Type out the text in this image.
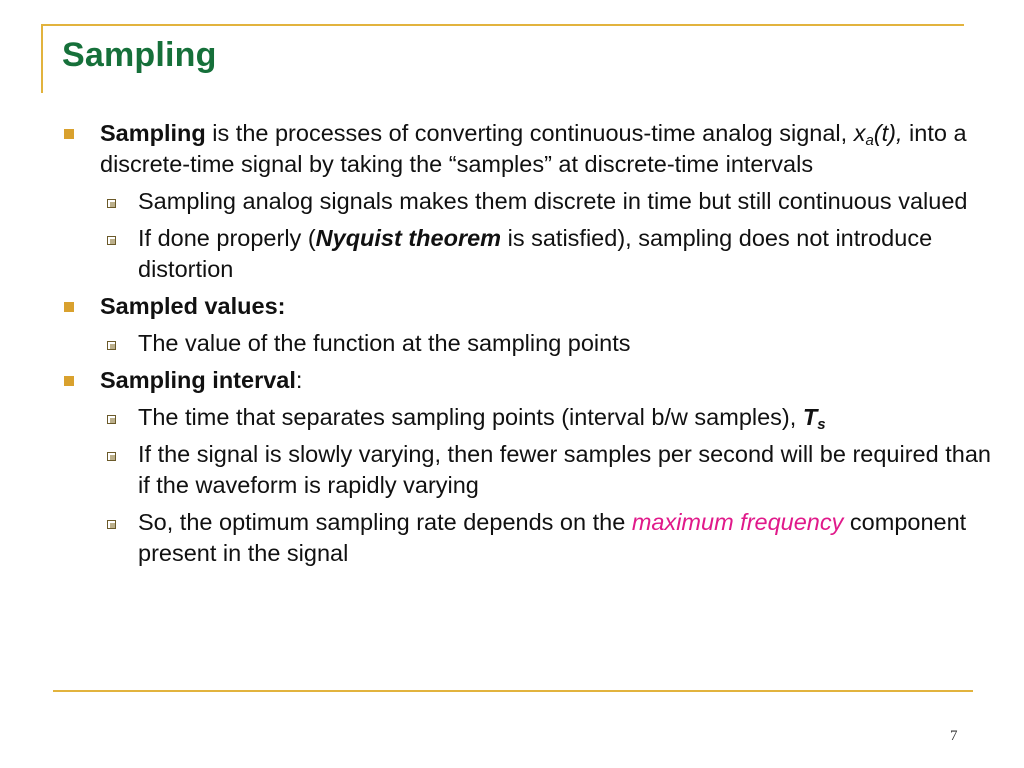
Sampling
Sampling is the processes of converting continuous-time analog signal, $x_a(t)$, into a discrete-time signal by taking the “samples” at discrete-time intervals
Sampling analog signals makes them discrete in time but still continuous valued
If done properly (Nyquist theorem is satisfied), sampling does not introduce distortion
Sampled values:
The value of the function at the sampling points
Sampling interval:
The time that separates sampling points (interval b/w samples), $T_s$
If the signal is slowly varying, then fewer samples per second will be required than if the waveform is rapidly varying
So, the optimum sampling rate depends on the maximum frequency component present in the signal
7
